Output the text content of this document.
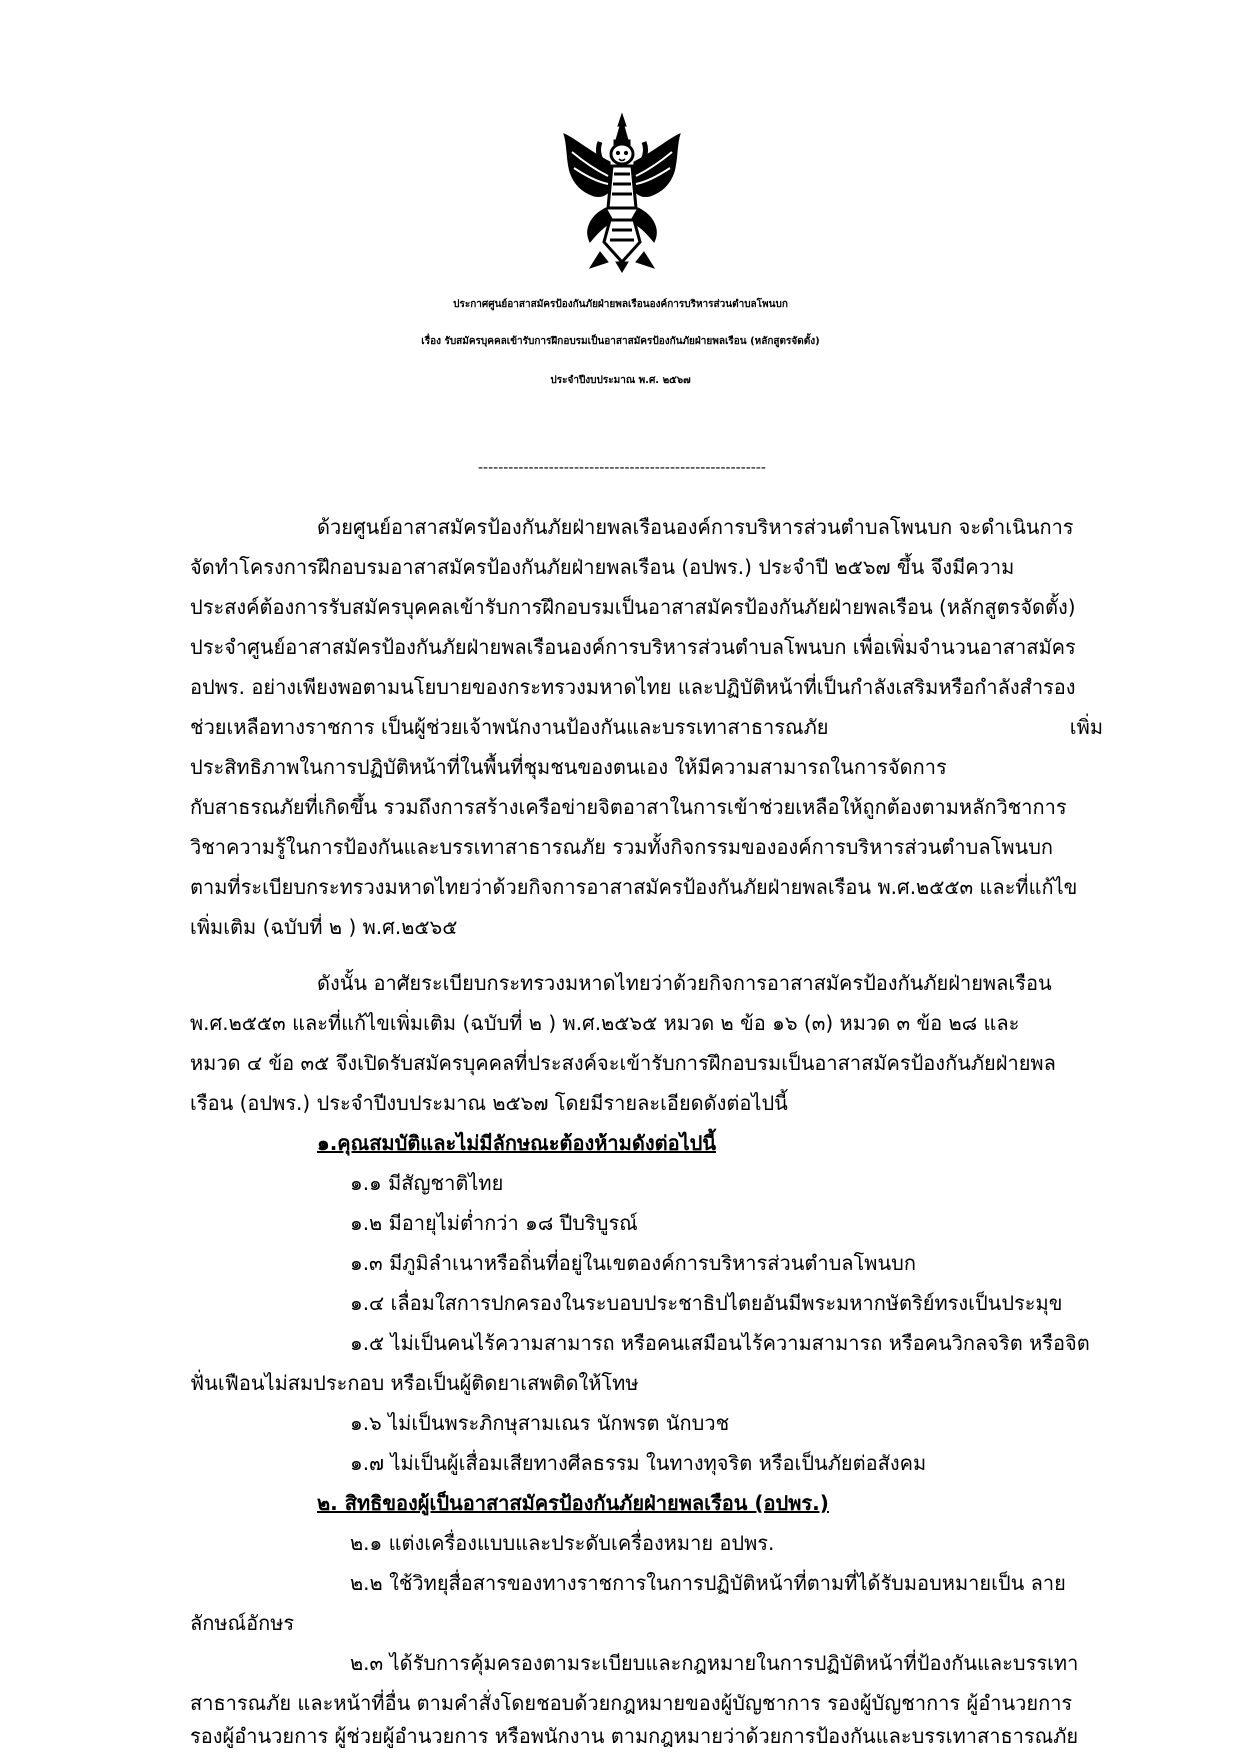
ประกาศศูนย์อาสาสมัครป้องกันภัยฝ่ายพลเรือนองค์การบริหารส่วนตำบลโพนบก
เรื่อง รับสมัครบุคคลเข้ารับการฝึกอบรมเป็นอาสาสมัครป้องกันภัยฝ่ายพลเรือน (หลักสูตรจัดตั้ง)
ประจำปีงบประมาณ พ.ศ. ๒๕๖๗
---------------------------------------------------------
ด้วยศูนย์อาสาสมัครป้องกันภัยฝ่ายพลเรือนองค์การบริหารส่วนตำบลโพนบก จะดำเนินการ
จัดทำโครงการฝึกอบรมอาสาสมัครป้องกันภัยฝ่ายพลเรือน (อปพร.) ประจำปี ๒๕๖๗ ขึ้น จึงมีความ
ประสงค์ต้องการรับสมัครบุคคลเข้ารับการฝึกอบรมเป็นอาสาสมัครป้องกันภัยฝ่ายพลเรือน (หลักสูตรจัดตั้ง)
ประจำศูนย์อาสาสมัครป้องกันภัยฝ่ายพลเรือนองค์การบริหารส่วนตำบลโพนบก เพื่อเพิ่มจำนวนอาสาสมัคร
อปพร. อย่างเพียงพอตามนโยบายของกระทรวงมหาดไทย และปฏิบัติหน้าที่เป็นกำลังเสริมหรือกำลังสำรอง
ช่วยเหลือทางราชการ เป็นผู้ช่วยเจ้าพนักงานป้องกันและบรรเทาสาธารณภัย	เพิ่ม
ประสิทธิภาพในการปฏิบัติหน้าที่ในพื้นที่ชุมชนของตนเอง ให้มีความสามารถในการจัดการ
กับสาธรณภัยที่เกิดขึ้น รวมถึงการสร้างเครือข่ายจิตอาสาในการเข้าช่วยเหลือให้ถูกต้องตามหลักวิชาการ
วิชาความรู้ในการป้องกันและบรรเทาสาธารณภัย รวมทั้งกิจกรรมขององค์การบริหารส่วนตำบลโพนบก
ตามที่ระเบียบกระทรวงมหาดไทยว่าด้วยกิจการอาสาสมัครป้องกันภัยฝ่ายพลเรือน พ.ศ.๒๕๕๓ และที่แก้ไข
เพิ่มเติม (ฉบับที่ ๒ ) พ.ศ.๒๕๖๕
ดังนั้น อาศัยระเบียบกระทรวงมหาดไทยว่าด้วยกิจการอาสาสมัครป้องกันภัยฝ่ายพลเรือน
พ.ศ.๒๕๕๓ และที่แก้ไขเพิ่มเติม (ฉบับที่ ๒ ) พ.ศ.๒๕๖๕ หมวด ๒ ข้อ ๑๖ (๓) หมวด ๓ ข้อ ๒๘ และ
หมวด ๔ ข้อ ๓๕ จึงเปิดรับสมัครบุคคลที่ประสงค์จะเข้ารับการฝึกอบรมเป็นอาสาสมัครป้องกันภัยฝ่ายพล
เรือน (อปพร.) ประจำปีงบประมาณ ๒๕๖๗ โดยมีรายละเอียดดังต่อไปนี้
๑.คุณสมบัติและไม่มีลักษณะต้องห้ามดังต่อไปนี้
๑.๑ มีสัญชาติไทย
๑.๒ มีอายุไม่ต่ำกว่า ๑๘ ปีบริบูรณ์
๑.๓ มีภูมิลำเนาหรือถิ่นที่อยู่ในเขตองค์การบริหารส่วนตำบลโพนบก
๑.๔ เลื่อมใสการปกครองในระบอบประชาธิปไตยอันมีพระมหากษัตริย์ทรงเป็นประมุข
๑.๕ ไม่เป็นคนไร้ความสามารถ หรือคนเสมือนไร้ความสามารถ หรือคนวิกลจริต หรือจิต
ฟั่นเฟือนไม่สมประกอบ หรือเป็นผู้ติดยาเสพติดให้โทษ
๑.๖ ไม่เป็นพระภิกษุสามเณร นักพรต นักบวช
๑.๗ ไม่เป็นผู้เสื่อมเสียทางศีลธรรม ในทางทุจริต หรือเป็นภัยต่อสังคม
๒. สิทธิของผู้เป็นอาสาสมัครป้องกันภัยฝ่ายพลเรือน (อปพร.)
๒.๑ แต่งเครื่องแบบและประดับเครื่องหมาย อปพร.
๒.๒ ใช้วิทยุสื่อสารของทางราชการในการปฏิบัติหน้าที่ตามที่ได้รับมอบหมายเป็น ลาย
ลักษณ์อักษร
๒.๓ ได้รับการคุ้มครองตามระเบียบและกฎหมายในการปฏิบัติหน้าที่ป้องกันและบรรเทา
สาธารณภัย และหน้าที่อื่น ตามคำสั่งโดยชอบด้วยกฎหมายของผู้บัญชาการ รองผู้บัญชาการ ผู้อำนวยการ
รองผู้อำนวยการ ผู้ช่วยผู้อำนวยการ หรือพนักงาน ตามกฎหมายว่าด้วยการป้องกันและบรรเทาสาธารณภัย
